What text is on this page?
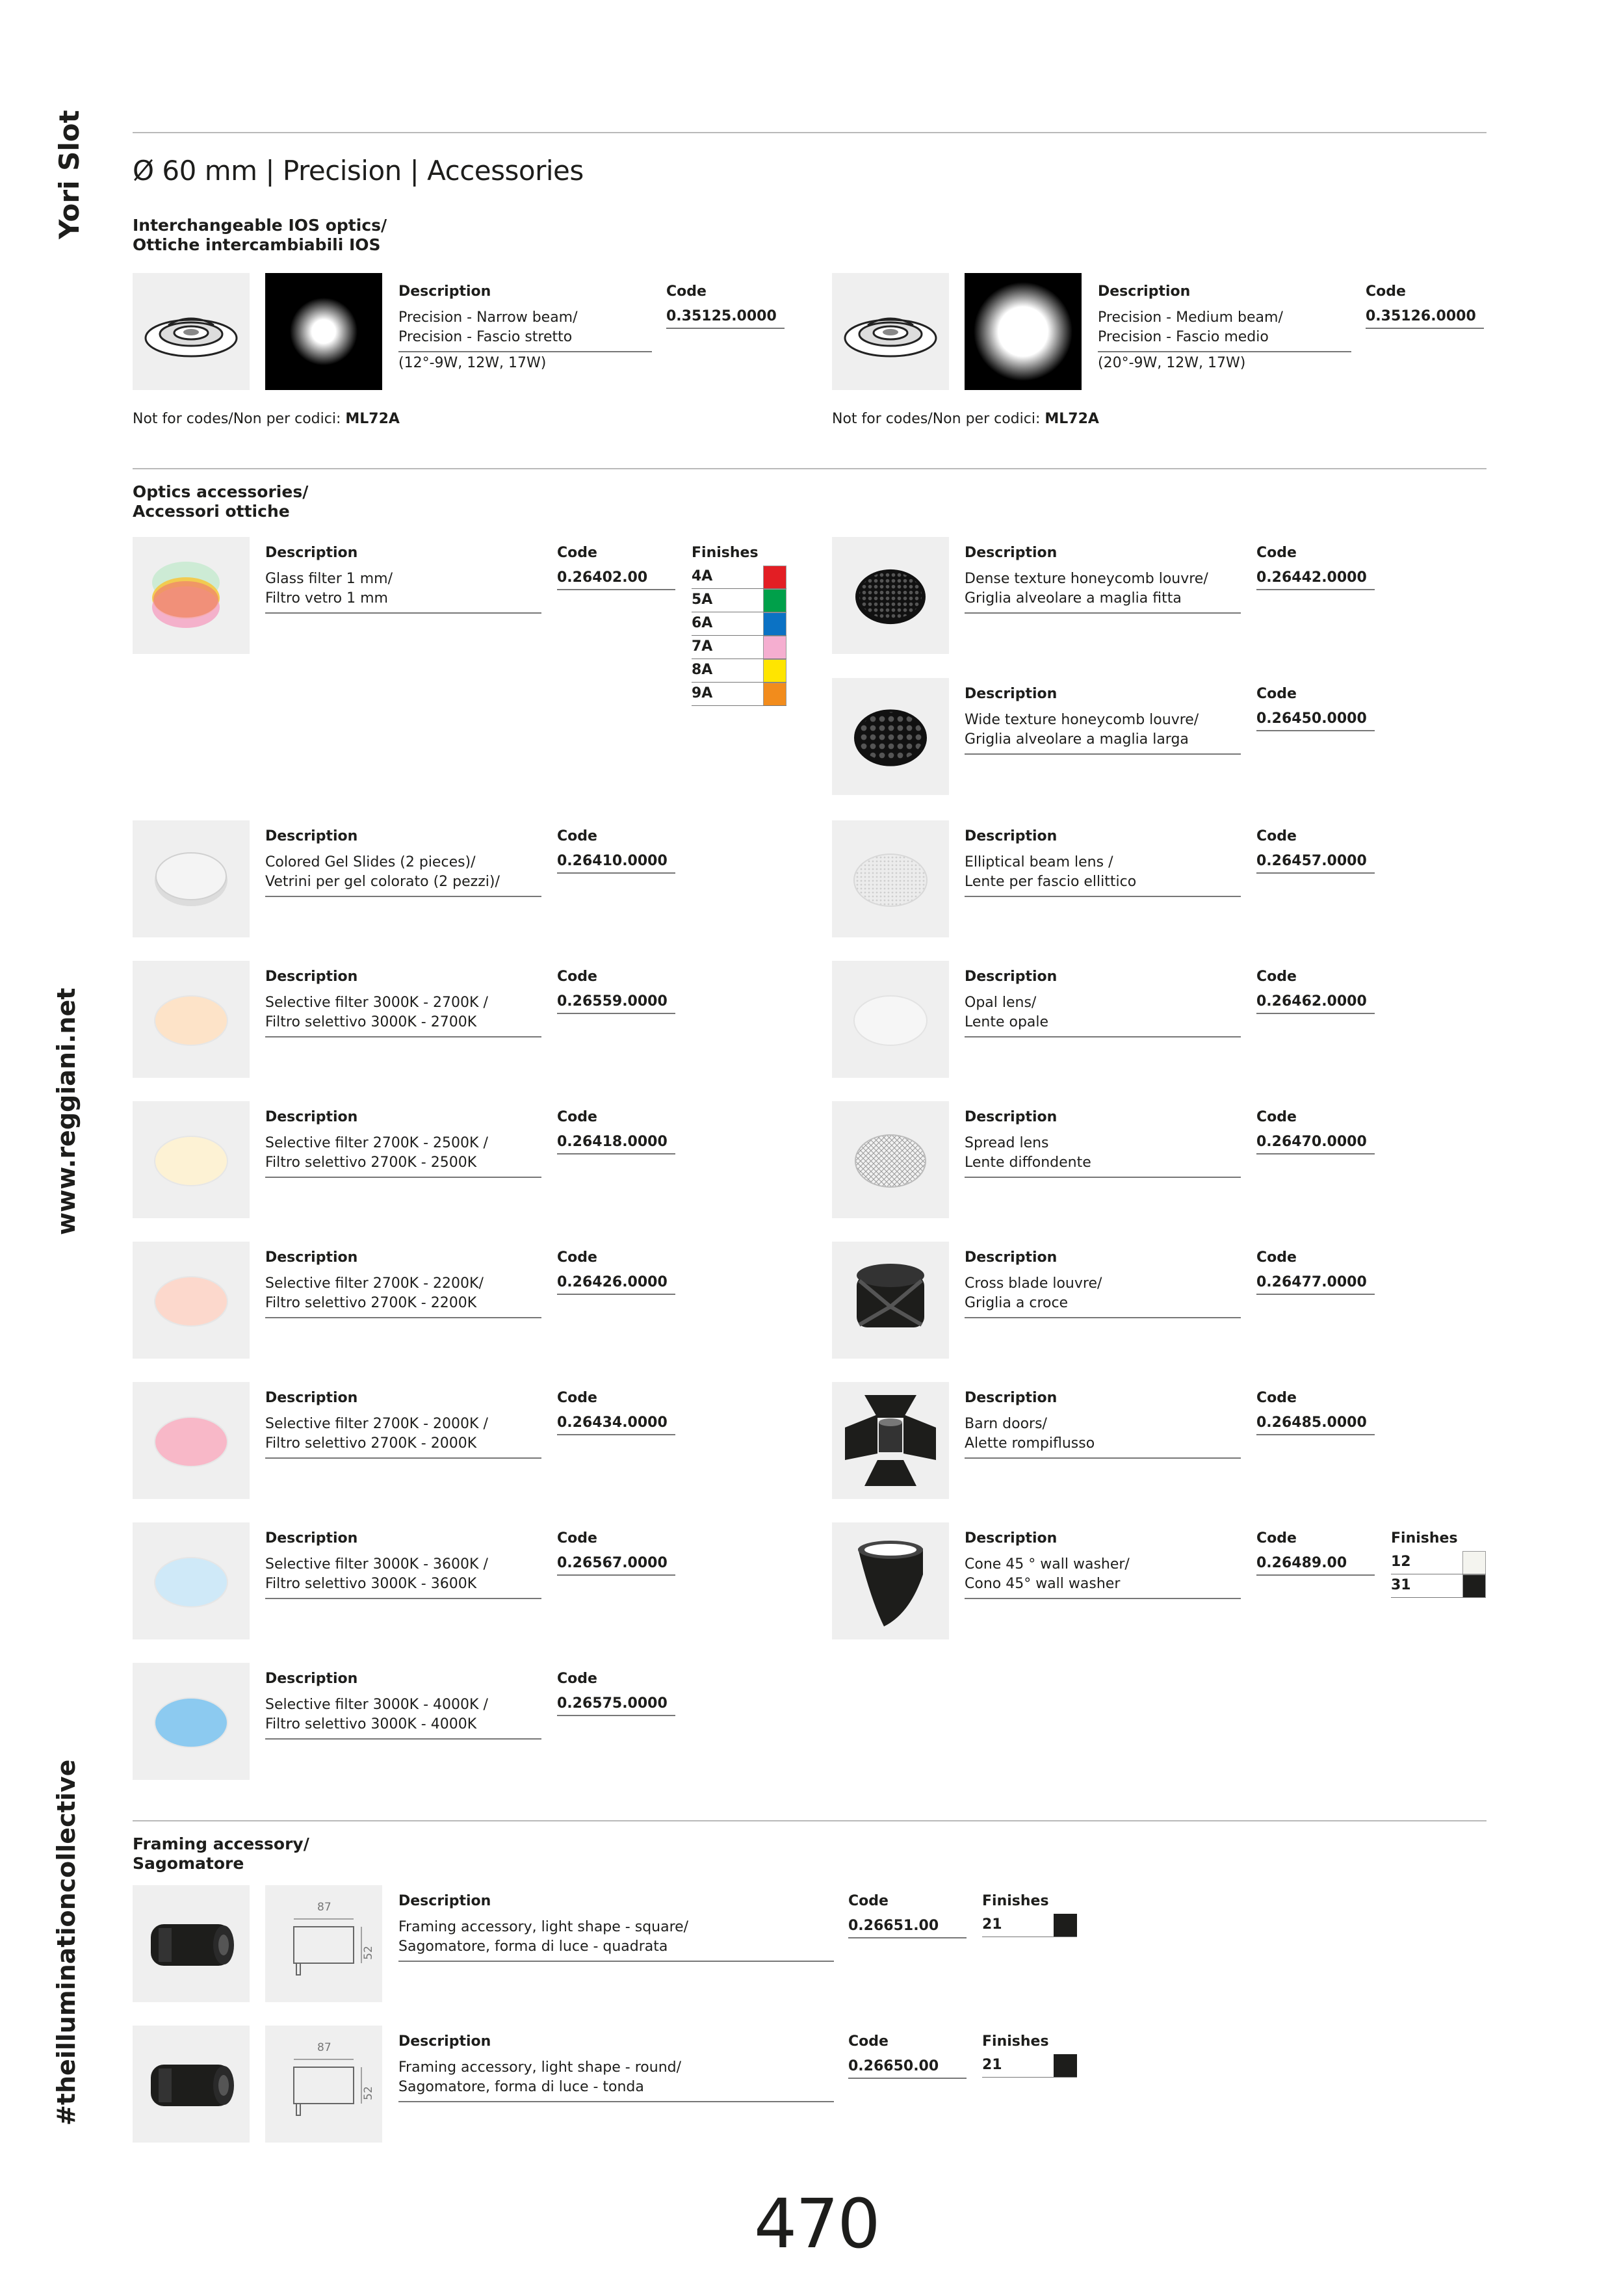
Yori Slot
www.reggiani.net
#theilluminationcollective
Ø 60 mm | Precision | Accessories
Interchangeable IOS optics/
Ottiche intercambiabili IOS
Description
Precision - Narrow beam/
Precision - Fascio stretto
(12°-9W, 12W, 17W)
Code
0.35125.0000
Not for codes/Non per codici: ML72A
Description
Precision - Medium beam/
Precision - Fascio medio
(20°-9W, 12W, 17W)
Code
0.35126.0000
Not for codes/Non per codici: ML72A
Optics accessories/
Accessori ottiche
Description
Glass filter 1 mm/
Filtro vetro 1 mm
Code
0.26402.00
Finishes
4A
5A
6A
7A
8A
9A
Description
Colored Gel Slides (2 pieces)/
Vetrini per gel colorato (2 pezzi)/
Code
0.26410.0000
Description
Selective filter 3000K - 2700K /
Filtro selettivo 3000K - 2700K
Code
0.26559.0000
Description
Selective filter 2700K - 2500K /
Filtro selettivo 2700K - 2500K
Code
0.26418.0000
Description
Selective filter 2700K - 2200K/
Filtro selettivo 2700K - 2200K
Code
0.26426.0000
Description
Selective filter 2700K - 2000K /
Filtro selettivo 2700K - 2000K
Code
0.26434.0000
Description
Selective filter 3000K - 3600K /
Filtro selettivo 3000K - 3600K
Code
0.26567.0000
Description
Selective filter 3000K - 4000K /
Filtro selettivo 3000K - 4000K
Code
0.26575.0000
Description
Dense texture honeycomb louvre/
Griglia alveolare a maglia fitta
Code
0.26442.0000
Description
Wide texture honeycomb louvre/
Griglia alveolare a maglia larga
Code
0.26450.0000
Description
Elliptical beam lens /
Lente per fascio ellittico
Code
0.26457.0000
Description
Opal lens/
Lente opale
Code
0.26462.0000
Description
Spread lens
Lente diffondente
Code
0.26470.0000
Description
Cross blade louvre/
Griglia a croce
Code
0.26477.0000
Description
Barn doors/
Alette rompiflusso
Code
0.26485.0000
Description
Cone 45 ° wall washer/
Cono 45° wall washer
Code
0.26489.00
Finishes
12
31
Framing accessory/
Sagomatore
87
52
Description
Framing accessory, light shape - square/
Sagomatore, forma di luce - quadrata
Code
0.26651.00
Finishes
21
87
52
Description
Framing accessory, light shape - round/
Sagomatore, forma di luce - tonda
Code
0.26650.00
Finishes
21
470
